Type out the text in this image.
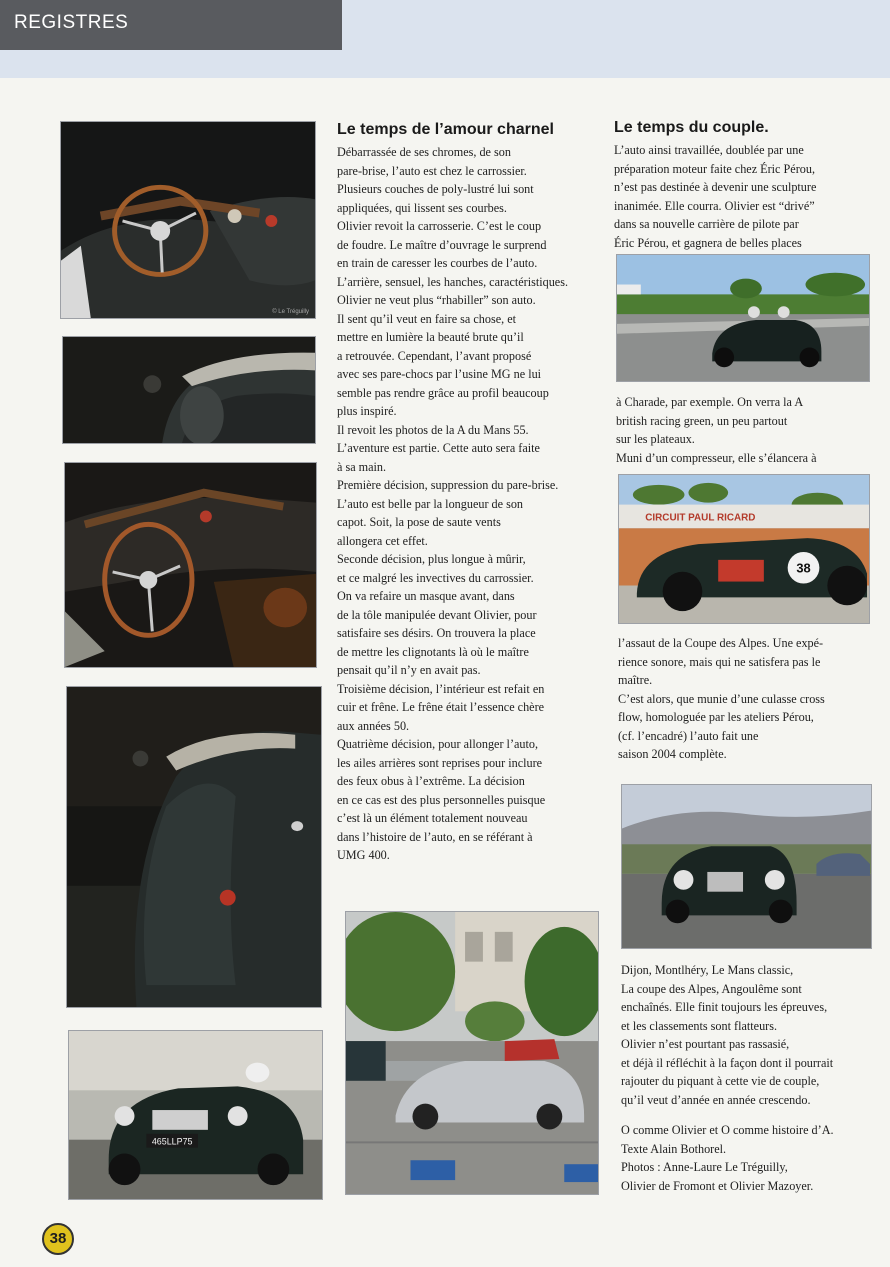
REGISTRES
© Le Tréguilly
465LLP75
Le temps de l’amour charnel
Débarrassée de ses chromes, de son
pare-brise, l’auto est chez le carrossier.
Plusieurs couches de poly-lustré lui sont
appliquées, qui lissent ses courbes.
Olivier revoit la carrosserie. C’est le coup
de foudre. Le maître d’ouvrage le surprend
en train de caresser les courbes de l’auto.
L’arrière, sensuel, les hanches, caractéristiques.
Olivier ne veut plus “rhabiller” son auto.
Il sent qu’il veut en faire sa chose, et
mettre en lumière la beauté brute qu’il
a retrouvée. Cependant, l’avant proposé
avec ses pare-chocs par l’usine MG ne lui
semble pas rendre grâce au profil beaucoup
plus inspiré.
Il revoit les photos de la A du Mans 55.
L’aventure est partie. Cette auto sera faite
à sa main.
Première décision, suppression du pare-brise.
L’auto est belle par la longueur de son
capot. Soit, la pose de saute vents
allongera cet effet.
Seconde décision, plus longue à mûrir,
et ce malgré les invectives du carrossier.
On va refaire un masque avant, dans
de la tôle manipulée devant Olivier, pour
satisfaire ses désirs. On trouvera la place
de mettre les clignotants là où le maître
pensait qu’il n’y en avait pas.
Troisième décision, l’intérieur est refait en
cuir et frêne. Le frêne était l’essence chère
aux années 50.
Quatrième décision, pour allonger l’auto,
les ailes arrières sont reprises pour inclure
des feux obus à l’extrême. La décision
en ce cas est des plus personnelles puisque
c’est là un élément totalement nouveau
dans l’histoire de l’auto, en se référant à
UMG 400.
Le temps du couple.
L’auto ainsi travaillée, doublée par une
préparation moteur faite chez Éric Pérou,
n’est pas destinée à devenir une sculpture
inanimée. Elle courra. Olivier est “drivé”
dans sa nouvelle carrière de pilote par
Éric Pérou, et gagnera de belles places
à Charade, par exemple. On verra la A
british racing green, un peu partout
sur les plateaux.
Muni d’un compresseur, elle s’élancera à
CIRCUIT PAUL RICARD
38
l’assaut de la Coupe des Alpes. Une expé-
rience sonore, mais qui ne satisfera pas le
maître.
C’est alors, que munie d’une culasse cross
flow, homologuée par les ateliers Pérou,
(cf. l’encadré) l’auto fait une
saison 2004 complète.
Dijon, Montlhéry, Le Mans classic,
La coupe des Alpes, Angoulême sont
enchaînés. Elle finit toujours les épreuves,
et les classements sont flatteurs.
Olivier n’est pourtant pas rassasié,
et déjà il réfléchit à la façon dont il pourrait
rajouter du piquant à cette vie de couple,
qu’il veut d’année en année crescendo.
O comme Olivier et O comme histoire d’A.
Texte Alain Bothorel.
Photos : Anne-Laure Le Tréguilly,
Olivier de Fromont et Olivier Mazoyer.
38
